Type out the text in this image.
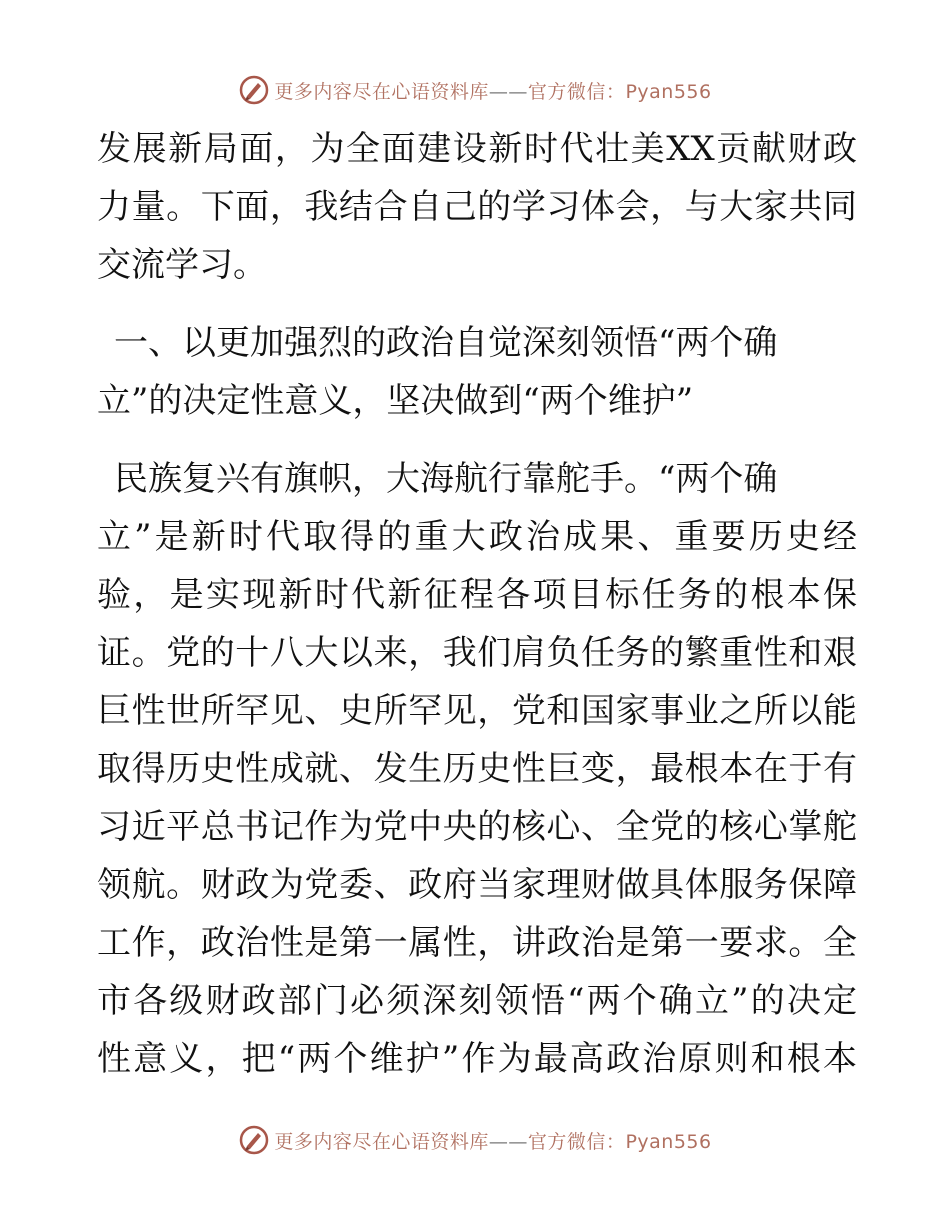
更多内容尽在心语资料库——官方微信：Pyan556

发展新局面，为全面建设新时代壮美XX贡献财政
力量。下面，我结合自己的学习体会，与大家共同
交流学习。

一、以更加强烈的政治自觉深刻领悟“两个确
立”的决定性意义，坚决做到“两个维护”

民族复兴有旗帜，大海航行靠舵手。“两个确
立”是新时代取得的重大政治成果、重要历史经
验，是实现新时代新征程各项目标任务的根本保
证。党的十八大以来，我们肩负任务的繁重性和艰
巨性世所罕见、史所罕见，党和国家事业之所以能
取得历史性成就、发生历史性巨变，最根本在于有
习近平总书记作为党中央的核心、全党的核心掌舵
领航。财政为党委、政府当家理财做具体服务保障
工作，政治性是第一属性，讲政治是第一要求。全
市各级财政部门必须深刻领悟“两个确立”的决定
性意义，把“两个维护”作为最高政治原则和根本

更多内容尽在心语资料库——官方微信：Pyan556
